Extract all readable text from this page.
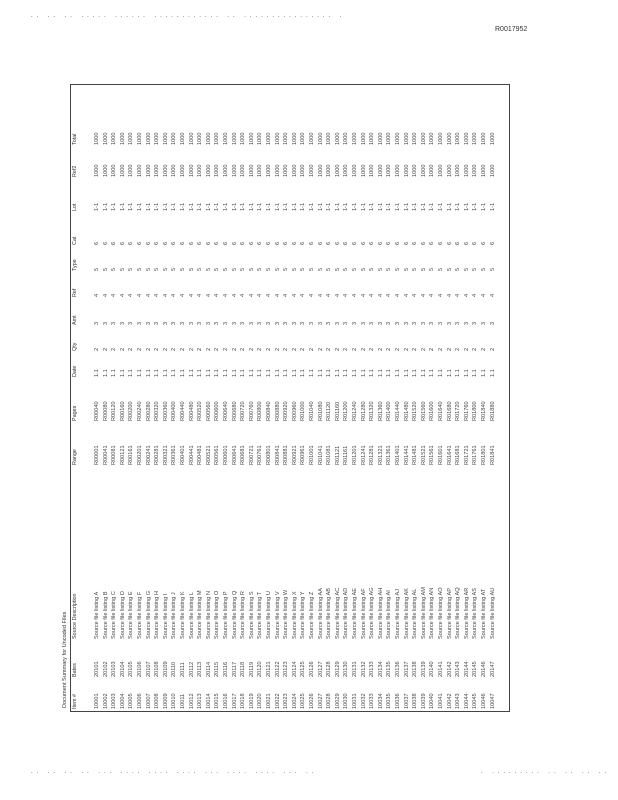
.. .. .. ..... ...... ............ .. ................ .
R0017952
Document Summary for Uncoded Files Item #
Bates
Source Description
Range
Pages
Date
Qty
Amt
Ref
Type
Cat
Lot
Ref2
Total
10001
20101
Source file listing A
R00001
R00040
1.1
2
3
4
5
6
1-1
1000
1000
10002
20102
Source file listing B
R00041
R00080
1.1
2
3
4
5
6
1-1
1000
1000
10003
20103
Source file listing C
R00081
R00120
1.1
2
3
4
5
6
1-1
1000
1000
10004
20104
Source file listing D
R00121
R00160
1.1
2
3
4
5
6
1-1
1000
1000
10005
20105
Source file listing E
R00161
R00200
1.1
2
3
4
5
6
1-1
1000
1000
10006
20106
Source file listing F
R00201
R00240
1.1
2
3
4
5
6
1-1
1000
1000
10007
20107
Source file listing G
R00241
R00280
1.1
2
3
4
5
6
1-1
1000
1000
10008
20108
Source file listing H
R00281
R00320
1.1
2
3
4
5
6
1-1
1000
1000
10009
20109
Source file listing I
R00321
R00360
1.1
2
3
4
5
6
1-1
1000
1000
10010
20110
Source file listing J
R00361
R00400
1.1
2
3
4
5
6
1-1
1000
1000
10011
20111
Source file listing K
R00401
R00440
1.1
2
3
4
5
6
1-1
1000
1000
10012
20112
Source file listing L
R00441
R00480
1.1
2
3
4
5
6
1-1
1000
1000
10013
20113
Source file listing M
R00481
R00520
1.1
2
3
4
5
6
1-1
1000
1000
10014
20114
Source file listing N
R00521
R00560
1.1
2
3
4
5
6
1-1
1000
1000
10015
20115
Source file listing O
R00561
R00600
1.1
2
3
4
5
6
1-1
1000
1000
10016
20116
Source file listing P
R00601
R00640
1.1
2
3
4
5
6
1-1
1000
1000
10017
20117
Source file listing Q
R00641
R00680
1.1
2
3
4
5
6
1-1
1000
1000
10018
20118
Source file listing R
R00681
R00720
1.1
2
3
4
5
6
1-1
1000
1000
10019
20119
Source file listing S
R00721
R00760
1.1
2
3
4
5
6
1-1
1000
1000
10020
20120
Source file listing T
R00761
R00800
1.1
2
3
4
5
6
1-1
1000
1000
10021
20121
Source file listing U
R00801
R00840
1.1
2
3
4
5
6
1-1
1000
1000
10022
20122
Source file listing V
R00841
R00880
1.1
2
3
4
5
6
1-1
1000
1000
10023
20123
Source file listing W
R00881
R00920
1.1
2
3
4
5
6
1-1
1000
1000
10024
20124
Source file listing X
R00921
R00960
1.1
2
3
4
5
6
1-1
1000
1000
10025
20125
Source file listing Y
R00961
R01000
1.1
2
3
4
5
6
1-1
1000
1000
10026
20126
Source file listing Z
R01001
R01040
1.1
2
3
4
5
6
1-1
1000
1000
10027
20127
Source file listing AA
R01041
R01080
1.1
2
3
4
5
6
1-1
1000
1000
10028
20128
Source file listing AB
R01081
R01120
1.1
2
3
4
5
6
1-1
1000
1000
10029
20129
Source file listing AC
R01121
R01160
1.1
2
3
4
5
6
1-1
1000
1000
10030
20130
Source file listing AD
R01161
R01200
1.1
2
3
4
5
6
1-1
1000
1000
10031
20131
Source file listing AE
R01201
R01240
1.1
2
3
4
5
6
1-1
1000
1000
10032
20132
Source file listing AF
R01241
R01280
1.1
2
3
4
5
6
1-1
1000
1000
10033
20133
Source file listing AG
R01281
R01320
1.1
2
3
4
5
6
1-1
1000
1000
10034
20134
Source file listing AH
R01321
R01360
1.1
2
3
4
5
6
1-1
1000
1000
10035
20135
Source file listing AI
R01361
R01400
1.1
2
3
4
5
6
1-1
1000
1000
10036
20136
Source file listing AJ
R01401
R01440
1.1
2
3
4
5
6
1-1
1000
1000
10037
20137
Source file listing AK
R01441
R01480
1.1
2
3
4
5
6
1-1
1000
1000
10038
20138
Source file listing AL
R01481
R01520
1.1
2
3
4
5
6
1-1
1000
1000
10039
20139
Source file listing AM
R01521
R01560
1.1
2
3
4
5
6
1-1
1000
1000
10040
20140
Source file listing AN
R01561
R01600
1.1
2
3
4
5
6
1-1
1000
1000
10041
20141
Source file listing AO
R01601
R01640
1.1
2
3
4
5
6
1-1
1000
1000
10042
20142
Source file listing AP
R01641
R01680
1.1
2
3
4
5
6
1-1
1000
1000
10043
20143
Source file listing AQ
R01681
R01720
1.1
2
3
4
5
6
1-1
1000
1000
10044
20144
Source file listing AR
R01721
R01760
1.1
2
3
4
5
6
1-1
1000
1000
10045
20145
Source file listing AS
R01761
R01800
1.1
2
3
4
5
6
1-1
1000
1000
10046
20146
Source file listing AT
R01801
R01840
1.1
2
3
4
5
6
1-1
1000
1000
10047
20147
Source file listing AU
R01841
R01880
1.1
2
3
4
5
6
1-1
1000
1000
.. .. .. .. ... .... .... .... ... .... .... ... ..	. ......... .. .. .. ..
